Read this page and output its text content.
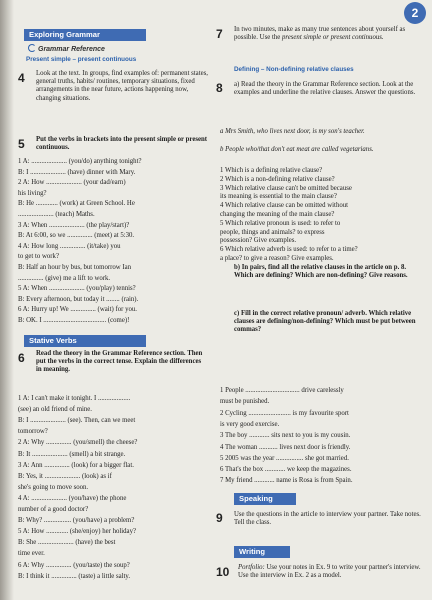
2
Exploring Grammar
Grammar Reference
Present simple – present continuous
4 Look at the text. In groups, find examples of: permanent states, general truths, habits/ routines, temporary situations, fixed arrangements in the near future, actions happening now, changing situations.
5 Put the verbs in brackets into the present simple or present continuous.
1 A: ..................... (you/do) anything tonight?
B: I ..................... (have) dinner with Mary.
2 A: How ..................... (your dad/earn)
his living?
B: He ............. (work) at Green School. He
..................... (teach) Maths.
3 A: When ..................... (the play/start)?
B: At 6:00, so we ............... (meet) at 5:30.
4 A: How long ............... (it/take) you
to get to work?
B: Half an hour by bus, but tomorrow Ian
............... (give) me a lift to work.
5 A: When ..................... (you/play) tennis?
B: Every afternoon, but today it ........ (rain).
6 A: Hurry up! We ............... (wait) for you.
B: OK. I ..................................... (come)!
Stative Verbs
6 Read the theory in the Grammar Reference section. Then put the verbs in the correct tense. Explain the differences in meaning.
1 A: I can't make it tonight. I ...................
(see) an old friend of mine.
B: I ..................... (see). Then, can we meet
tomorrow?
2 A: Why ............... (you/smell) the cheese?
B: It ..................... (smell) a bit strange.
3 A: Ann ............... (look) for a bigger flat.
B: Yes, it ..................... (look) as if
she's going to move soon.
4 A: ..................... (you/have) the phone
number of a good doctor?
B: Why? ................ (you/have) a problem?
5 A: How ............. (she/enjoy) her holiday?
B: She ..................... (have) the best
time ever.
6 A: Why ............... (you/taste) the soup?
B: I think it ............... (taste) a little salty.
7 In two minutes, make as many true sentences about yourself as possible. Use the present simple or present continuous.
Defining – Non-defining relative clauses
8 a) Read the theory in the Grammar Reference section. Look at the examples and underline the relative clauses. Answer the questions.
a Mrs Smith, who lives next door, is my son's teacher.
b People who/that don't eat meat are called vegetarians.
1 Which is a defining relative clause?
2 Which is a non-defining relative clause?
3 Which relative clause can't be omitted because
its meaning is essential to the main clause?
4 Which relative clause can be omitted without
changing the meaning of the main clause?
5 Which relative pronoun is used: to refer to
people, things and animals? to express
possession? Give examples.
6 Which relative adverb is used: to refer to a time?
a place? to give a reason? Give examples.
b) In pairs, find all the relative clauses in the article on p. 8. Which are defining? Which are non-defining? Give reasons.
c) Fill in the correct relative pronoun/ adverb. Which relative clauses are defining/non-defining? Which must be put between commas?
1 People ................................ drive carelessly
must be punished.
2 Cycling ......................... is my favourite sport
is very good exercise.
3 The boy ............ sits next to you is my cousin.
4 The woman ........... lives next door is friendly.
5 2005 was the year ................ she got married.
6 That's the box ............ we keep the magazines.
7 My friend ............ name is Rosa is from Spain.
Speaking
9 Use the questions in the article to interview your partner. Take notes. Tell the class.
Writing
10 Portfolio: Use your notes in Ex. 9 to write your partner's interview. Use the interview in Ex. 2 as a model.
